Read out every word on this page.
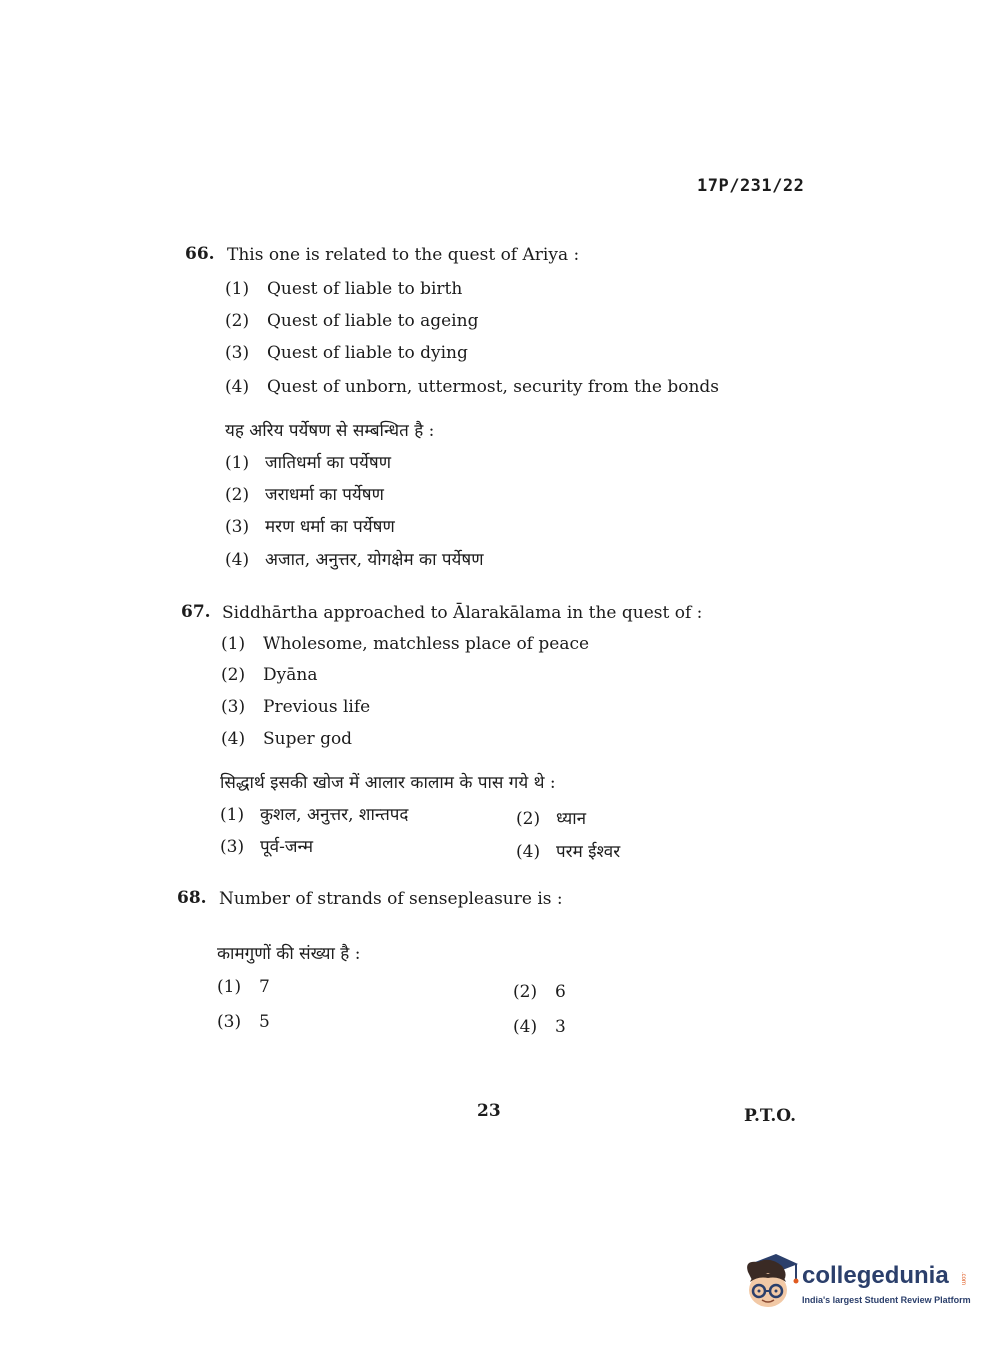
17P/231/22
66. This one is related to the quest of Ariya :
(1) Quest of liable to birth
(2) Quest of liable to ageing
(3) Quest of liable to dying
(4) Quest of unborn, uttermost, security from the bonds
यह अरिय पर्येषण से सम्बन्धित है :
(1) जातिधर्मा का पर्येषण
(2) जराधर्मा का पर्येषण
(3) मरण धर्मा का पर्येषण
(4) अजात, अनुत्तर, योगक्षेम का पर्येषण
67. Siddhārtha approached to Ālarakālama in the quest of :
(1) Wholesome, matchless place of peace
(2) Dyāna
(3) Previous life
(4) Super god
सिद्धार्थ इसकी खोज में आलार कालाम के पास गये थे :
(1) कुशल, अनुत्तर, शान्तपद	(2) ध्यान
(3) पूर्व-जन्म	(4) परम ईश्वर
68. Number of strands of sensepleasure is :
कामगुणों की संख्या है :
(1) 7	(2) 6
(3) 5	(4) 3
23	P.T.O.
collegedunia .com
India's largest Student Review Platform
